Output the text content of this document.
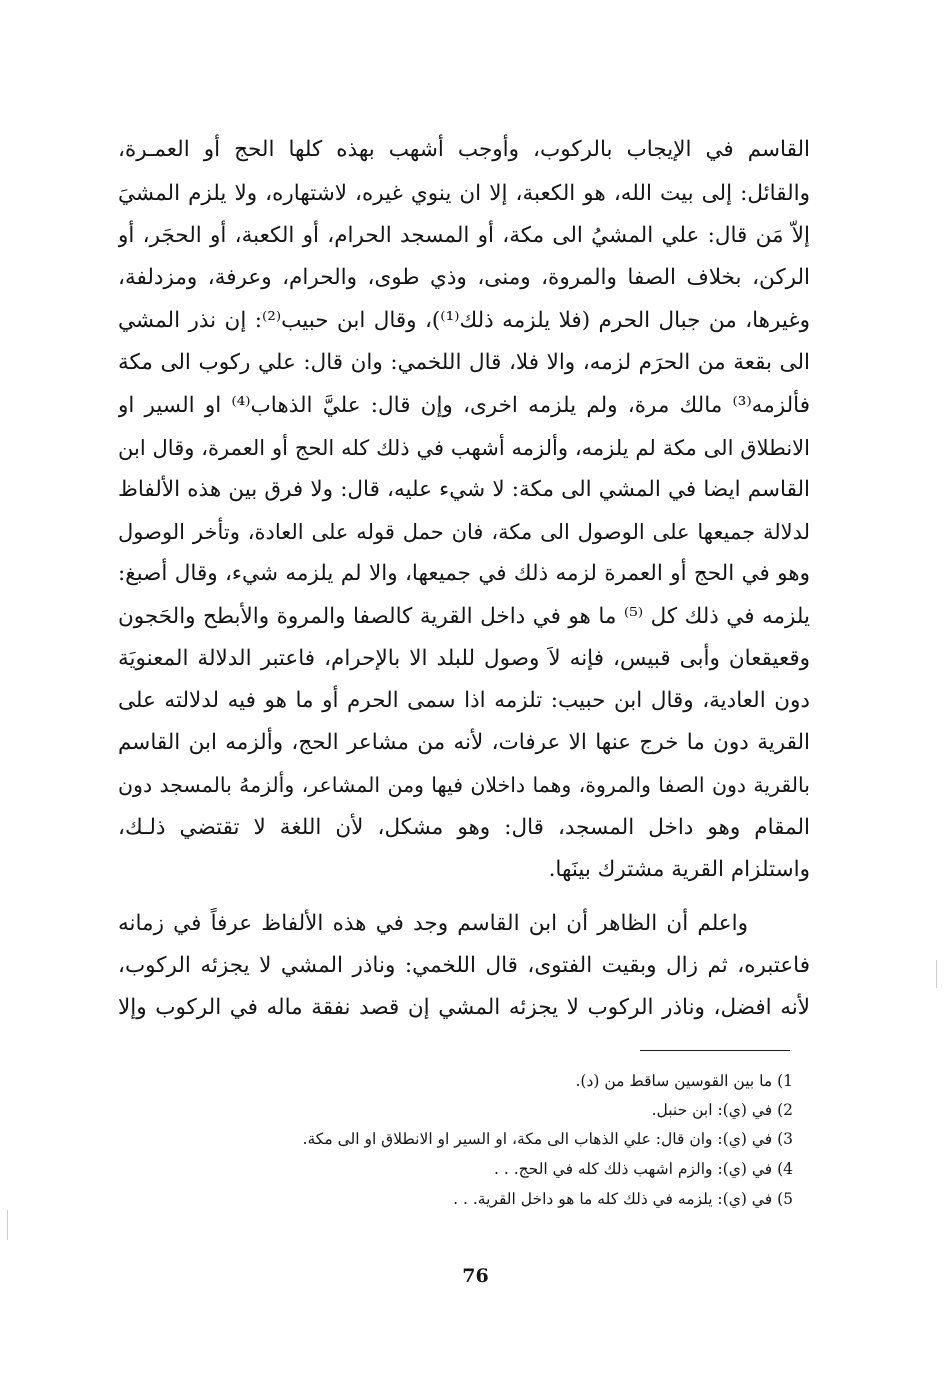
القاسم في الإيجاب بالركوب، وأوجب أشهب بهذه كلها الحج أو العمـرة،
والقائل: إلى بيت الله، هو الكعبة، إلا ان ينوي غيره، لاشتهاره، ولا يلزم المشيَ
إلاّ مَن قال: علي المشيُ الى مكة، أو المسجد الحرام، أو الكعبة، أو الحجَر، أو
الركن، بخلاف الصفا والمروة، ومنى، وذي طوى، والحرام، وعرفة، ومزدلفة،
وغيرها، من جبال الحرم (فلا يلزمه ذلك⁽¹⁾)، وقال ابن حبيب⁽²⁾: إن نذر المشي
الى بقعة من الحرَم لزمه، والا فلا، قال اللخمي: وان قال: علي ركوب الى مكة
فألزمه⁽³⁾ مالك مرة، ولم يلزمه اخرى، وإن قال: عليَّ الذهاب⁽⁴⁾ او السير او
الانطلاق الى مكة لم يلزمه، وألزمه أشهب في ذلك كله الحج أو العمرة، وقال ابن
القاسم ايضا في المشي الى مكة: لا شيء عليه، قال: ولا فرق بين هذه الألفاظ
لدلالة جميعها على الوصول الى مكة، فان حمل قوله على العادة، وتأخر الوصول
وهو في الحج أو العمرة لزمه ذلك في جميعها، والا لم يلزمه شيء، وقال أصبغ:
يلزمه في ذلك كل ⁽⁵⁾ ما هو في داخل القرية كالصفا والمروة والأبطح والحَجون
وقعيقعان وأبى قبيس، فإنه لاَ وصول للبلد الا بالإحرام، فاعتبر الدلالة المعنويَة
دون العادية، وقال ابن حبيب: تلزمه اذا سمى الحرم أو ما هو فيه لدلالته على
القرية دون ما خرج عنها الا عرفات، لأنه من مشاعر الحج، وألزمه ابن القاسم
بالقرية دون الصفا والمروة، وهما داخلان فيها ومن المشاعر، وألزمهُ بالمسجد دون
المقام وهو داخل المسجد، قال: وهو مشكل، لأن اللغة لا تقتضي ذلـك،
واستلزام القرية مشترك بينَها.
واعلم أن الظاهر أن ابن القاسم وجد في هذه الألفاظ عرفاً في زمانه
فاعتبره، ثم زال وبقيت الفتوى، قال اللخمي: وناذر المشي لا يجزئه الركوب،
لأنه افضل، وناذر الركوب لا يجزئه المشي إن قصد نفقة ماله في الركوب وإلا
1) ما بين القوسين ساقط من (د).
2) في (ي): ابن حنبل.
3) في (ي): وان قال: علي الذهاب الى مكة، او السير او الانطلاق او الى مكة.
4) في (ي): والزم اشهب ذلك كله في الحج. . .
5) في (ي): يلزمه في ذلك كله ما هو داخل القرية. . .
76
